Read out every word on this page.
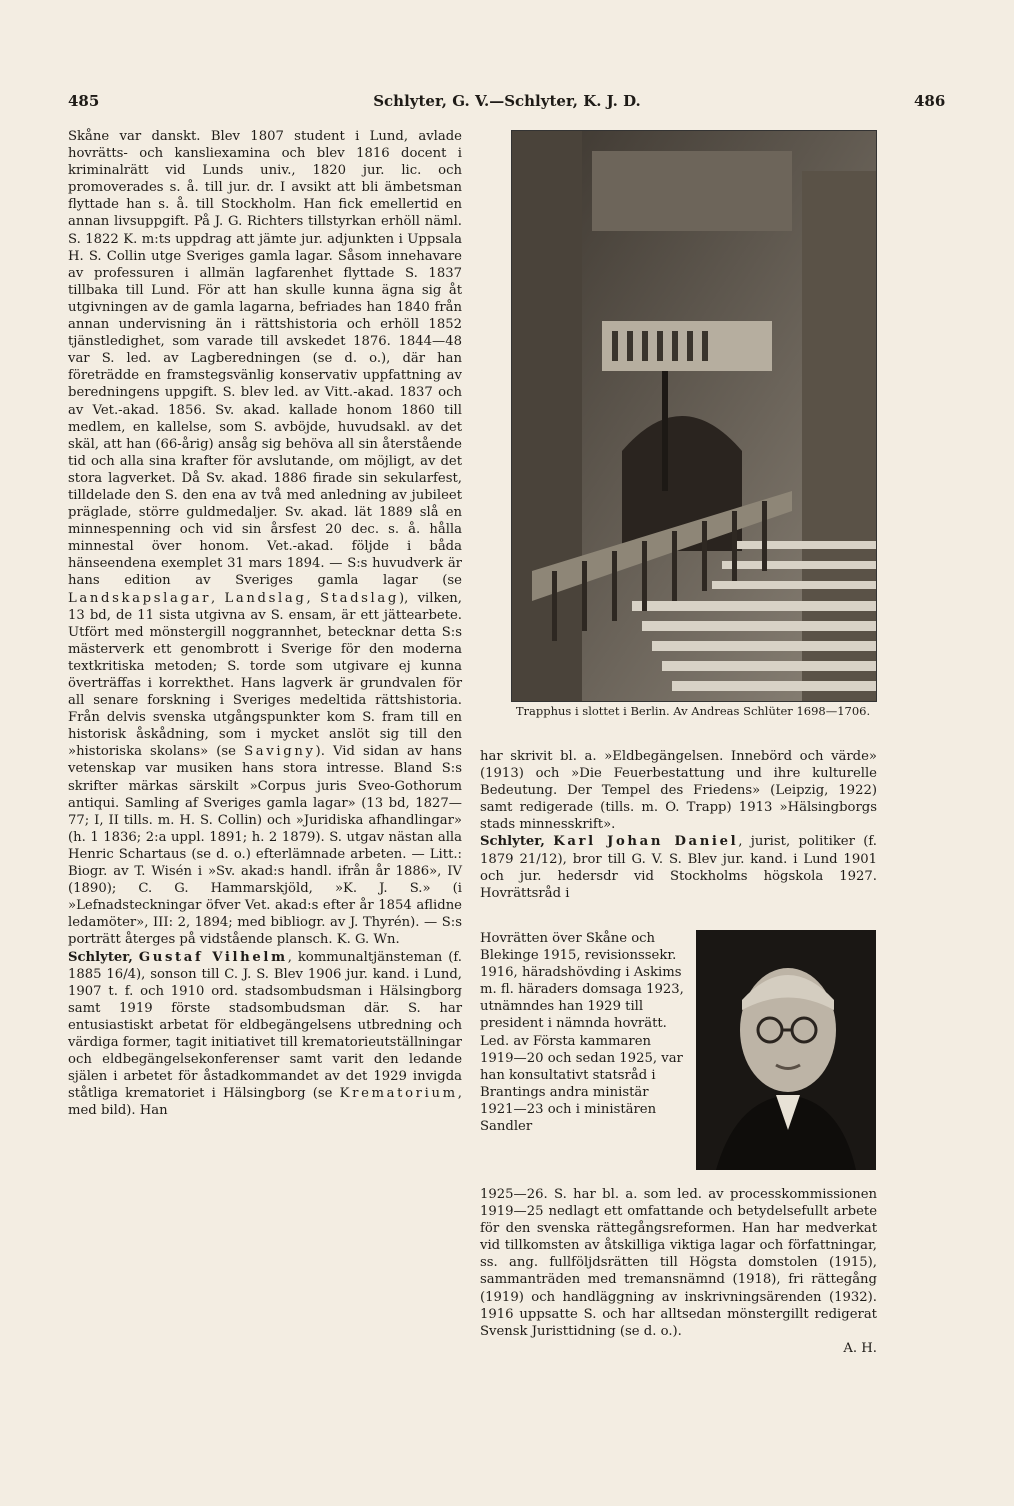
485	Schlyter, G. V.—Schlyter, K. J. D.	486

Skåne var danskt. Blev 1807 student i Lund, avlade hovrätts- och kansliexamina och blev 1816 docent i kriminalrätt vid Lunds univ., 1820 jur. lic. och promoverades s. å. till jur. dr. I avsikt att bli ämbetsman flyttade han s. å. till Stockholm. Han fick emellertid en annan livsuppgift. På J. G. Richters tillstyrkan erhöll näml. S. 1822 K. m:ts uppdrag att jämte jur. adjunkten i Uppsala H. S. Collin utge Sveriges gamla lagar. Såsom innehavare av professuren i allmän lagfarenhet flyttade S. 1837 tillbaka till Lund. För att han skulle kunna ägna sig åt utgivningen av de gamla lagarna, befriades han 1840 från annan undervisning än i rättshistoria och erhöll 1852 tjänstledighet, som varade till avskedet 1876. 1844—48 var S. led. av Lagberedningen (se d. o.), där han företrädde en framstegsvänlig konservativ uppfattning av beredningens uppgift. S. blev led. av Vitt.-akad. 1837 och av Vet.-akad. 1856. Sv. akad. kallade honom 1860 till medlem, en kallelse, som S. avböjde, huvudsakl. av det skäl, att han (66-årig) ansåg sig behöva all sin återstående tid och alla sina krafter för avslutande, om möjligt, av det stora lagverket. Då Sv. akad. 1886 firade sin sekularfest, tilldelade den S. den ena av två med anledning av jubileet präglade, större guldmedaljer. Sv. akad. lät 1889 slå en minnespenning och vid sin årsfest 20 dec. s. å. hålla minnestal över honom. Vet.-akad. följde i båda hänseendena exemplet 31 mars 1894. — S:s huvudverk är hans edition av Sveriges gamla lagar (se Landskapslagar, Landslag, Stadslag), vilken, 13 bd, de 11 sista utgivna av S. ensam, är ett jättearbete. Utfört med mönstergill noggrannhet, betecknar detta S:s mästerverk ett genombrott i Sverige för den moderna textkritiska metoden; S. torde som utgivare ej kunna överträffas i korrekthet. Hans lagverk är grundvalen för all senare forskning i Sveriges medeltida rättshistoria. Från delvis svenska utgångspunkter kom S. fram till en historisk åskådning, som i mycket anslöt sig till den »historiska skolans» (se Savigny). Vid sidan av hans vetenskap var musiken hans stora intresse. Bland S:s skrifter märkas särskilt »Corpus juris Sveo-Gothorum antiqui. Samling af Sveriges gamla lagar» (13 bd, 1827—77; I, II tills. m. H. S. Collin) och »Juridiska afhandlingar» (h. 1 1836; 2:a uppl. 1891; h. 2 1879). S. utgav nästan alla Henric Schartaus (se d. o.) efterlämnade arbeten. — Litt.: Biogr. av T. Wisén i »Sv. akad:s handl. ifrån år 1886», IV (1890); C. G. Hammarskjöld, »K. J. S.» (i »Lefnadsteckningar öfver Vet. akad:s efter år 1854 aflidne ledamöter», III: 2, 1894; med bibliogr. av J. Thyrén). — S:s porträtt återges på vidstående plansch. K. G. Wn.

Schlyter, Gustaf Vilhelm, kommunaltjänsteman (f. 1885 16/4), sonson till C. J. S. Blev 1906 jur. kand. i Lund, 1907 t. f. och 1910 ord. stadsombudsman i Hälsingborg samt 1919 förste stadsombudsman där. S. har entusiastiskt arbetat för eldbegängelsens utbredning och värdiga former, tagit initiativet till krematorieutställningar och eldbegängelsekonferenser samt varit den ledande själen i arbetet för åstadkommandet av det 1929 invigda ståtliga krematoriet i Hälsingborg (se Krematorium, med bild). Han

Trapphus i slottet i Berlin. Av Andreas Schlüter 1698—1706.

har skrivit bl. a. »Eldbegängelsen. Innebörd och värde» (1913) och »Die Feuerbestattung und ihre kulturelle Bedeutung. Der Tempel des Friedens» (Leipzig, 1922) samt redigerade (tills. m. O. Trapp) 1913 »Hälsingborgs stads minnesskrift».

Schlyter, Karl Johan Daniel, jurist, politiker (f. 1879 21/12), bror till G. V. S. Blev jur. kand. i Lund 1901 och jur. hedersdr vid Stockholms högskola 1927. Hovrättsråd i

Hovrätten över Skåne och Blekinge 1915, revisionssekr. 1916, häradshövding i Askims m. fl. häraders domsaga 1923, utnämndes han 1929 till president i nämnda hovrätt. Led. av Första kammaren 1919—20 och sedan 1925, var han konsultativt statsråd i Brantings andra ministär 1921—23 och i ministären Sandler
1925—26. S. har bl. a. som led. av processkommissionen 1919—25 nedlagt ett omfattande och betydelsefullt arbete för den svenska rättegångsreformen. Han har medverkat vid tillkomsten av åtskilliga viktiga lagar och författningar, ss. ang. fullföljdsrätten till Högsta domstolen (1915), sammanträden med tremansnämnd (1918), fri rättegång (1919) och handläggning av inskrivningsärenden (1932). 1916 uppsatte S. och har alltsedan mönstergillt redigerat Svensk Juristtidning (se d. o.).
A. H.
